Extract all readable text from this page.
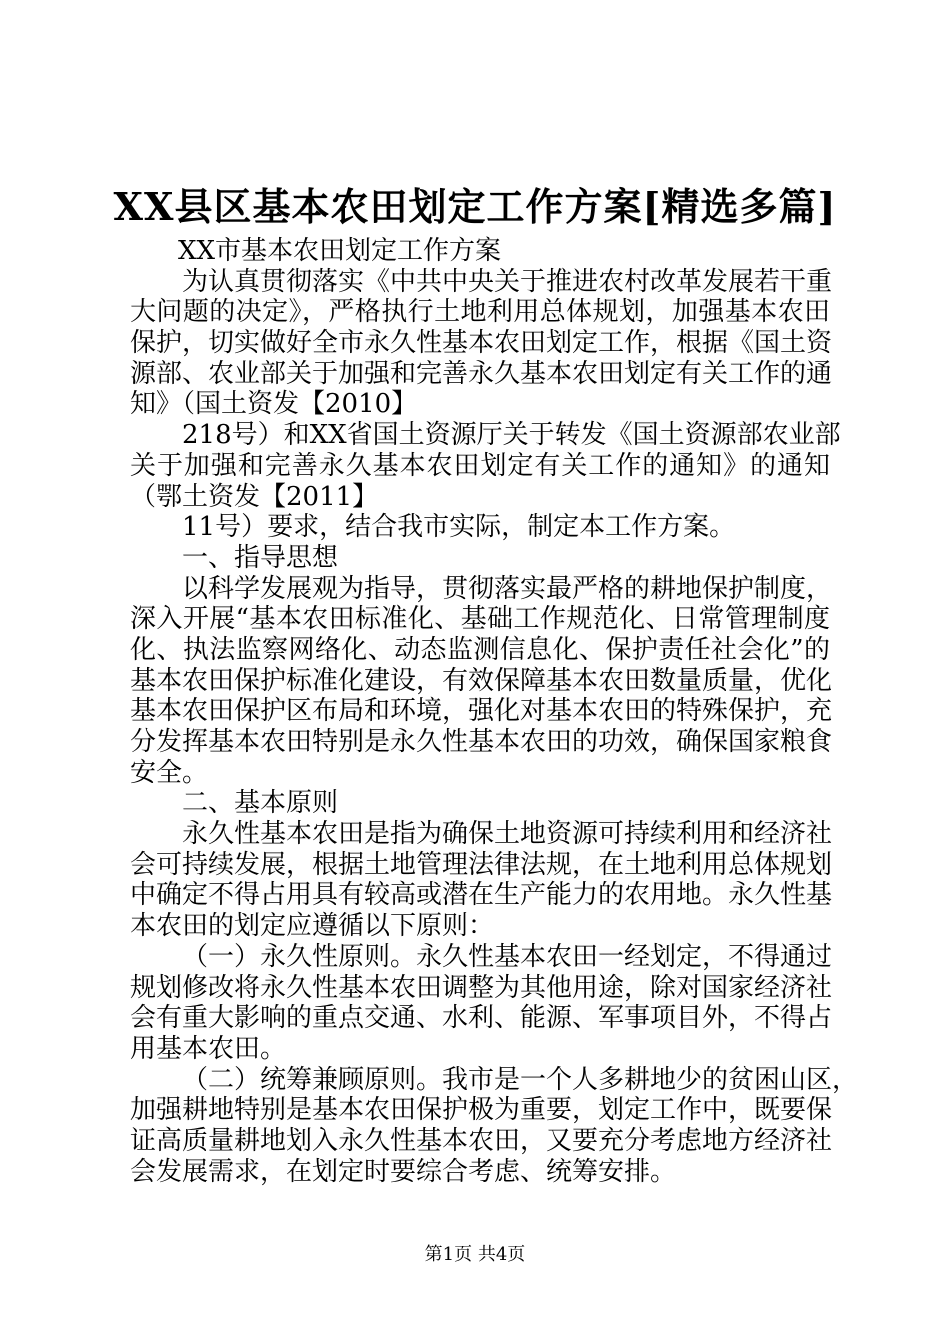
XX县区基本农田划定工作方案[精选多篇]
XX市基本农田划定工作方案
为认真贯彻落实《中共中央关于推进农村改革发展若干重
大问题的决定》，严格执行土地利用总体规划，加强基本农田
保护，切实做好全市永久性基本农田划定工作，根据《国土资
源部、农业部关于加强和完善永久基本农田划定有关工作的通
知》（国土资发【2010】
218号）和XX省国土资源厅关于转发《国土资源部农业部
关于加强和完善永久基本农田划定有关工作的通知》的通知
（鄂土资发【2011】
11号）要求，结合我市实际，制定本工作方案。
一、指导思想
以科学发展观为指导，贯彻落实最严格的耕地保护制度，
深入开展“基本农田标准化、基础工作规范化、日常管理制度
化、执法监察网络化、动态监测信息化、保护责任社会化”的
基本农田保护标准化建设，有效保障基本农田数量质量，优化
基本农田保护区布局和环境，强化对基本农田的特殊保护，充
分发挥基本农田特别是永久性基本农田的功效，确保国家粮食
安全。
二、基本原则
永久性基本农田是指为确保土地资源可持续利用和经济社
会可持续发展，根据土地管理法律法规，在土地利用总体规划
中确定不得占用具有较高或潜在生产能力的农用地。永久性基
本农田的划定应遵循以下原则：
（一）永久性原则。永久性基本农田一经划定，不得通过
规划修改将永久性基本农田调整为其他用途，除对国家经济社
会有重大影响的重点交通、水利、能源、军事项目外，不得占
用基本农田。
（二）统筹兼顾原则。我市是一个人多耕地少的贫困山区，
加强耕地特别是基本农田保护极为重要，划定工作中，既要保
证高质量耕地划入永久性基本农田，又要充分考虑地方经济社
会发展需求，在划定时要综合考虑、统筹安排。
第1页 共4页
